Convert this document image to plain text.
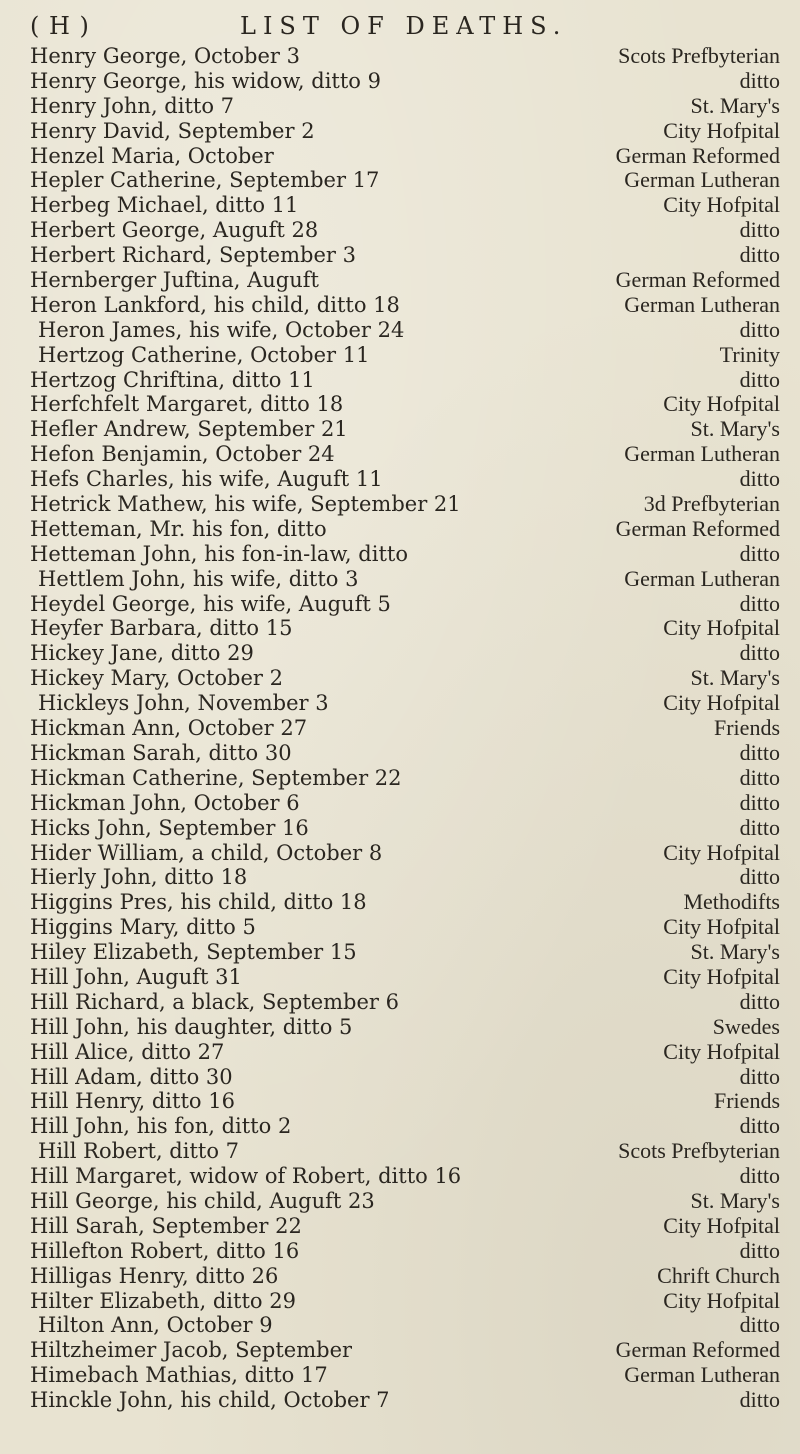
( H )	LIST OF DEATHS.
Henry George, October 3	Scots Prefbyterian
Henry George, his widow, ditto 9	ditto
Henry John, ditto 7	St. Mary's
Henry David, September 2	City Hofpital
Henzel Maria, October	German Reformed
Hepler Catherine, September 17	German Lutheran
Herbeg Michael, ditto 11	City Hofpital
Herbert George, Auguft 28	ditto
Herbert Richard, September 3	ditto
Hernberger Juftina, Auguft	German Reformed
Heron Lankford, his child, ditto 18	German Lutheran
Heron James, his wife, October 24	ditto
Hertzog Catherine, October 11	Trinity
Hertzog Chriftina, ditto 11	ditto
Herfchfelt Margaret, ditto 18	City Hofpital
Hefler Andrew, September 21	St. Mary's
Hefon Benjamin, October 24	German Lutheran
Hefs Charles, his wife, Auguft 11	ditto
Hetrick Mathew, his wife, September 21	3d Prefbyterian
Hetteman, Mr. his fon, ditto	German Reformed
Hetteman John, his fon-in-law, ditto	ditto
Hettlem John, his wife, ditto 3	German Lutheran
Heydel George, his wife, Auguft 5	ditto
Heyfer Barbara, ditto 15	City Hofpital
Hickey Jane, ditto 29	ditto
Hickey Mary, October 2	St. Mary's
Hickleys John, November 3	City Hofpital
Hickman Ann, October 27	Friends
Hickman Sarah, ditto 30	ditto
Hickman Catherine, September 22	ditto
Hickman John, October 6	ditto
Hicks John, September 16	ditto
Hider William, a child, October 8	City Hofpital
Hierly John, ditto 18	ditto
Higgins Pres, his child, ditto 18	Methodifts
Higgins Mary, ditto 5	City Hofpital
Hiley Elizabeth, September 15	St. Mary's
Hill John, Auguft 31	City Hofpital
Hill Richard, a black, September 6	ditto
Hill John, his daughter, ditto 5	Swedes
Hill Alice, ditto 27	City Hofpital
Hill Adam, ditto 30	ditto
Hill Henry, ditto 16	Friends
Hill John, his fon, ditto 2	ditto
Hill Robert, ditto 7	Scots Prefbyterian
Hill Margaret, widow of Robert, ditto 16	ditto
Hill George, his child, Auguft 23	St. Mary's
Hill Sarah, September 22	City Hofpital
Hillefton Robert, ditto 16	ditto
Hilligas Henry, ditto 26	Chrift Church
Hilter Elizabeth, ditto 29	City Hofpital
Hilton Ann, October 9	ditto
Hiltzheimer Jacob, September	German Reformed
Himebach Mathias, ditto 17	German Lutheran
Hinckle John, his child, October 7	ditto
